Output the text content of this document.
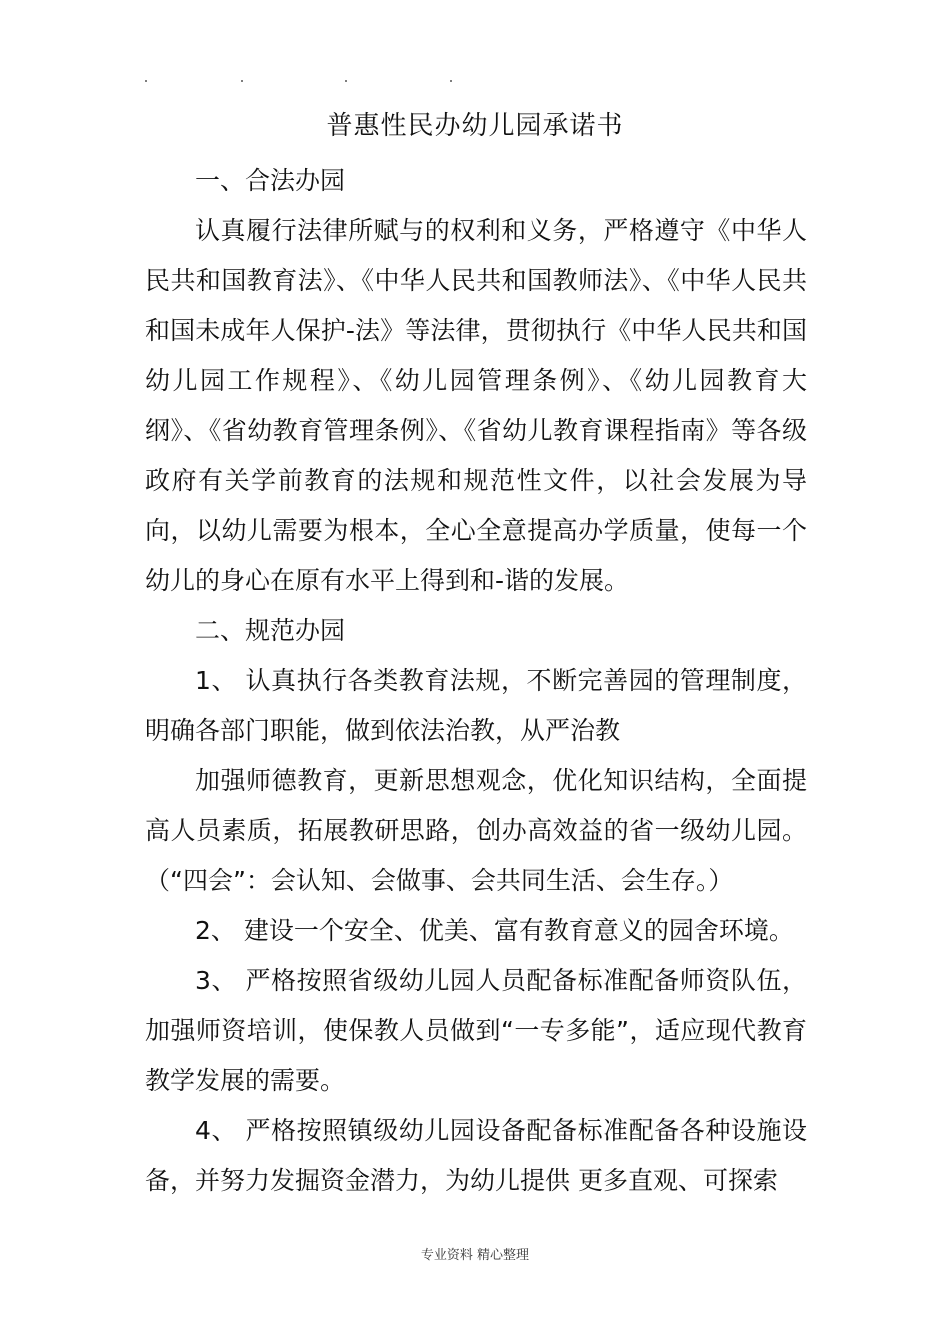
普惠性民办幼儿园承诺书

一、合法办园

认真履行法律所赋与的权利和义务，严格遵守《中华人民共和国教育法》、《中华人民共和国教师法》、《中华人民共和国未成年人保护-法》等法律，贯彻执行《中华人民共和国幼儿园工作规程》、《幼儿园管理条例》、《幼儿园教育大纲》、《省幼教育管理条例》、《省幼儿教育课程指南》等各级政府有关学前教育的法规和规范性文件，以社会发展为导向，以幼儿需要为根本，全心全意提高办学质量，使每一个幼儿的身心在原有水平上得到和-谐的发展。

二、规范办园

1、 认真执行各类教育法规，不断完善园的管理制度，明确各部门职能，做到依法治教，从严治教

加强师德教育，更新思想观念，优化知识结构，全面提高人员素质，拓展教研思路，创办高效益的省一级幼儿园。（“四会”：会认知、会做事、会共同生活、会生存。）

2、 建设一个安全、优美、富有教育意义的园舍环境。

3、 严格按照省级幼儿园人员配备标准配备师资队伍，加强师资培训，使保教人员做到“一专多能”，适应现代教育教学发展的需要。

4、 严格按照镇级幼儿园设备配备标准配备各种设施设备，并努力发掘资金潜力，为幼儿提供 更多直观、可探索

专业资料 精心整理
